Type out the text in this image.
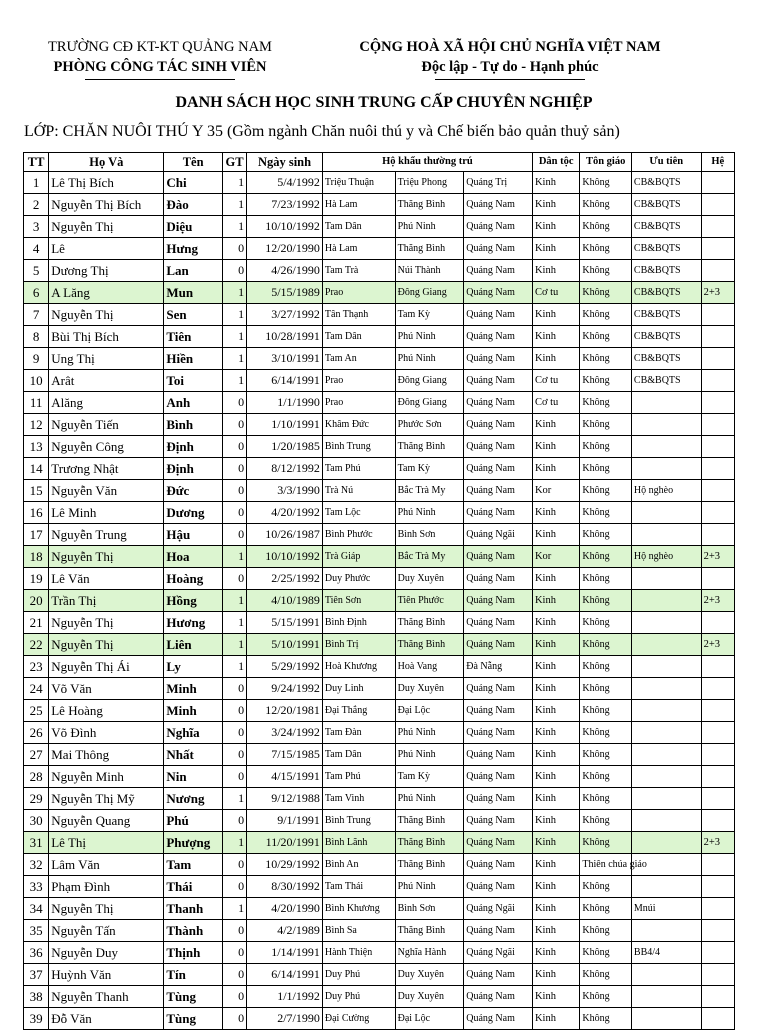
TRƯỜNG CĐ KT-KT QUẢNG NAM
PHÒNG CÔNG TÁC SINH VIÊN
CỘNG HOÀ XÃ HỘI CHỦ NGHĨA VIỆT NAM
Độc lập - Tự do - Hạnh phúc
DANH SÁCH HỌC SINH TRUNG CẤP CHUYÊN NGHIỆP
LỚP: CHĂN NUÔI THÚ Y 35 (Gồm ngành Chăn nuôi thú y và Chế biến bảo quản thuỷ sản)
TT	Họ Và	Tên	GT	Ngày sinh	Hộ khẩu thường trú			Dân tộc	Tôn giáo	Ưu tiên	Hệ
1	Lê Thị Bích	Chi	1	5/4/1992	Triệu Thuận	Triệu Phong	Quảng Trị	Kinh	Không	CB&BQTS	
2	Nguyễn Thị Bích	Đào	1	7/23/1992	Hà Lam	Thăng Bình	Quảng Nam	Kinh	Không	CB&BQTS	
3	Nguyễn Thị	Diệu	1	10/10/1992	Tam Dân	Phú Ninh	Quảng Nam	Kinh	Không	CB&BQTS	
4	Lê	Hưng	0	12/20/1990	Hà Lam	Thăng Bình	Quảng Nam	Kinh	Không	CB&BQTS	
5	Dương Thị	Lan	0	4/26/1990	Tam Trà	Núi Thành	Quảng Nam	Kinh	Không	CB&BQTS	
6	A Lăng	Mun	1	5/15/1989	Prao	Đông Giang	Quảng Nam	Cơ tu	Không	CB&BQTS	2+3
7	Nguyễn Thị	Sen	1	3/27/1992	Tân Thạnh	Tam Kỳ	Quảng Nam	Kinh	Không	CB&BQTS	
8	Bùi Thị Bích	Tiên	1	10/28/1991	Tam Dân	Phú Ninh	Quảng Nam	Kinh	Không	CB&BQTS	
9	Ung Thị	Hiền	1	3/10/1991	Tam An	Phú Ninh	Quảng Nam	Kinh	Không	CB&BQTS	
10	Arât	Toi	1	6/14/1991	Prao	Đông Giang	Quảng Nam	Cơ tu	Không	CB&BQTS	
11	Alăng	Anh	0	1/1/1990	Prao	Đông Giang	Quảng Nam	Cơ tu	Không		
12	Nguyễn Tiến	Bình	0	1/10/1991	Khâm Đức	Phước Sơn	Quảng Nam	Kinh	Không		
13	Nguyễn Công	Định	0	1/20/1985	Bình Trung	Thăng Bình	Quảng Nam	Kinh	Không		
14	Trương Nhật	Định	0	8/12/1992	Tam Phú	Tam Kỳ	Quảng Nam	Kinh	Không		
15	Nguyễn Văn	Đức	0	3/3/1990	Trà Nú	Bắc Trà My	Quảng Nam	Kor	Không	Hộ nghèo	
16	Lê Minh	Dương	0	4/20/1992	Tam Lộc	Phú Ninh	Quảng Nam	Kinh	Không		
17	Nguyễn Trung	Hậu	0	10/26/1987	Bình Phước	Bình Sơn	Quảng Ngãi	Kinh	Không		
18	Nguyễn Thị	Hoa	1	10/10/1992	Trà Giáp	Bắc Trà My	Quảng Nam	Kor	Không	Hộ nghèo	2+3
19	Lê Văn	Hoàng	0	2/25/1992	Duy Phước	Duy Xuyên	Quảng Nam	Kinh	Không		
20	Trần Thị	Hồng	1	4/10/1989	Tiên Sơn	Tiên Phước	Quảng Nam	Kinh	Không		2+3
21	Nguyễn Thị	Hương	1	5/15/1991	Bình Định	Thăng Bình	Quảng Nam	Kinh	Không		
22	Nguyễn Thị	Liên	1	5/10/1991	Bình Trị	Thăng Bình	Quảng Nam	Kinh	Không		2+3
23	Nguyễn Thị Ái	Ly	1	5/29/1992	Hoà Khương	Hoà Vang	Đà Nẵng	Kinh	Không		
24	Võ Văn	Minh	0	9/24/1992	Duy Linh	Duy Xuyên	Quảng Nam	Kinh	Không		
25	Lê Hoàng	Minh	0	12/20/1981	Đại Thắng	Đại Lộc	Quảng Nam	Kinh	Không		
26	Võ Đình	Nghĩa	0	3/24/1992	Tam Đàn	Phú Ninh	Quảng Nam	Kinh	Không		
27	Mai Thông	Nhất	0	7/15/1985	Tam Dân	Phú Ninh	Quảng Nam	Kinh	Không		
28	Nguyễn Minh	Nin	0	4/15/1991	Tam Phú	Tam Kỳ	Quảng Nam	Kinh	Không		
29	Nguyễn Thị Mỹ	Nương	1	9/12/1988	Tam Vinh	Phú Ninh	Quảng Nam	Kinh	Không		
30	Nguyễn Quang	Phú	0	9/1/1991	Bình Trung	Thăng Bình	Quảng Nam	Kinh	Không		
31	Lê Thị	Phượng	1	11/20/1991	Bình Lãnh	Thăng Bình	Quảng Nam	Kinh	Không		2+3
32	Lâm Văn	Tam	0	10/29/1992	Bình An	Thăng Bình	Quảng Nam	Kinh	Thiên chúa giáo		
33	Phạm Đình	Thái	0	8/30/1992	Tam Thái	Phú Ninh	Quảng Nam	Kinh	Không		
34	Nguyễn Thị	Thanh	1	4/20/1990	Bình Khương	Bình Sơn	Quảng Ngãi	Kinh	Không	Mnúi	
35	Nguyễn Tấn	Thành	0	4/2/1989	Bình Sa	Thăng Bình	Quảng Nam	Kinh	Không		
36	Nguyễn Duy	Thịnh	0	1/14/1991	Hành Thiện	Nghĩa Hành	Quảng Ngãi	Kinh	Không	BB4/4	
37	Huỳnh Văn	Tín	0	6/14/1991	Duy Phú	Duy Xuyên	Quảng Nam	Kinh	Không		
38	Nguyễn Thanh	Tùng	0	1/1/1992	Duy Phú	Duy Xuyên	Quảng Nam	Kinh	Không		
39	Đỗ Văn	Tùng	0	2/7/1990	Đại Cường	Đại Lộc	Quảng Nam	Kinh	Không		
